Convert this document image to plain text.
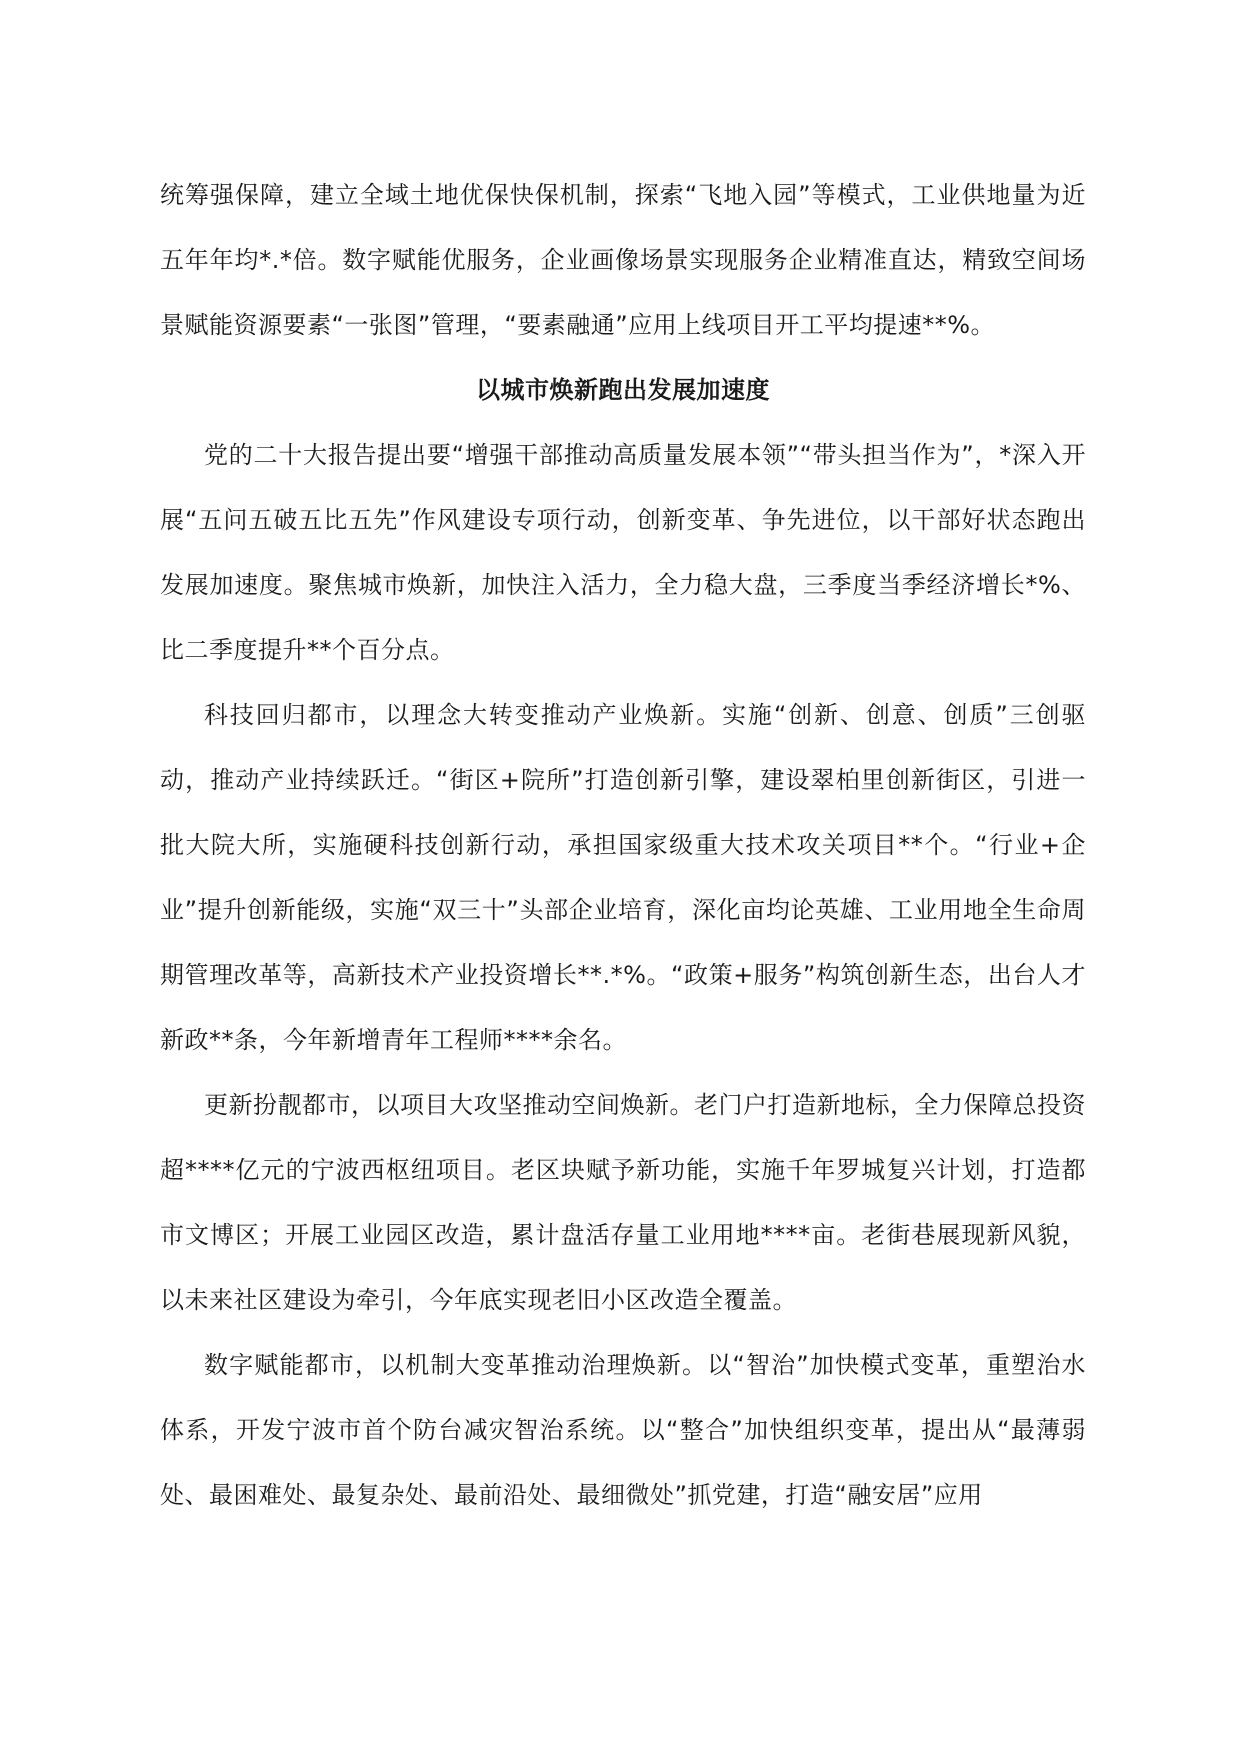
统筹强保障，建立全域土地优保快保机制，探索“飞地入园”等模式，工业供地量为近五年年均*.*倍。数字赋能优服务，企业画像场景实现服务企业精准直达，精致空间场景赋能资源要素“一张图”管理，“要素融通”应用上线项目开工平均提速**%。

以城市焕新跑出发展加速度

党的二十大报告提出要“增强干部推动高质量发展本领”“带头担当作为”，*深入开展“五问五破五比五先”作风建设专项行动，创新变革、争先进位，以干部好状态跑出发展加速度。聚焦城市焕新，加快注入活力，全力稳大盘，三季度当季经济增长*%、比二季度提升**个百分点。

科技回归都市，以理念大转变推动产业焕新。实施“创新、创意、创质”三创驱动，推动产业持续跃迁。“街区+院所”打造创新引擎，建设翠柏里创新街区，引进一批大院大所，实施硬科技创新行动，承担国家级重大技术攻关项目**个。“行业+企业”提升创新能级，实施“双三十”头部企业培育，深化亩均论英雄、工业用地全生命周期管理改革等，高新技术产业投资增长**.*%。“政策+服务”构筑创新生态，出台人才新政**条，今年新增青年工程师****余名。

更新扮靓都市，以项目大攻坚推动空间焕新。老门户打造新地标，全力保障总投资超****亿元的宁波西枢纽项目。老区块赋予新功能，实施千年罗城复兴计划，打造都市文博区；开展工业园区改造，累计盘活存量工业用地****亩。老街巷展现新风貌，以未来社区建设为牵引，今年底实现老旧小区改造全覆盖。

数字赋能都市，以机制大变革推动治理焕新。以“智治”加快模式变革，重塑治水体系，开发宁波市首个防台减灾智治系统。以“整合”加快组织变革，提出从“最薄弱处、最困难处、最复杂处、最前沿处、最细微处”抓党建，打造“融安居”应用
